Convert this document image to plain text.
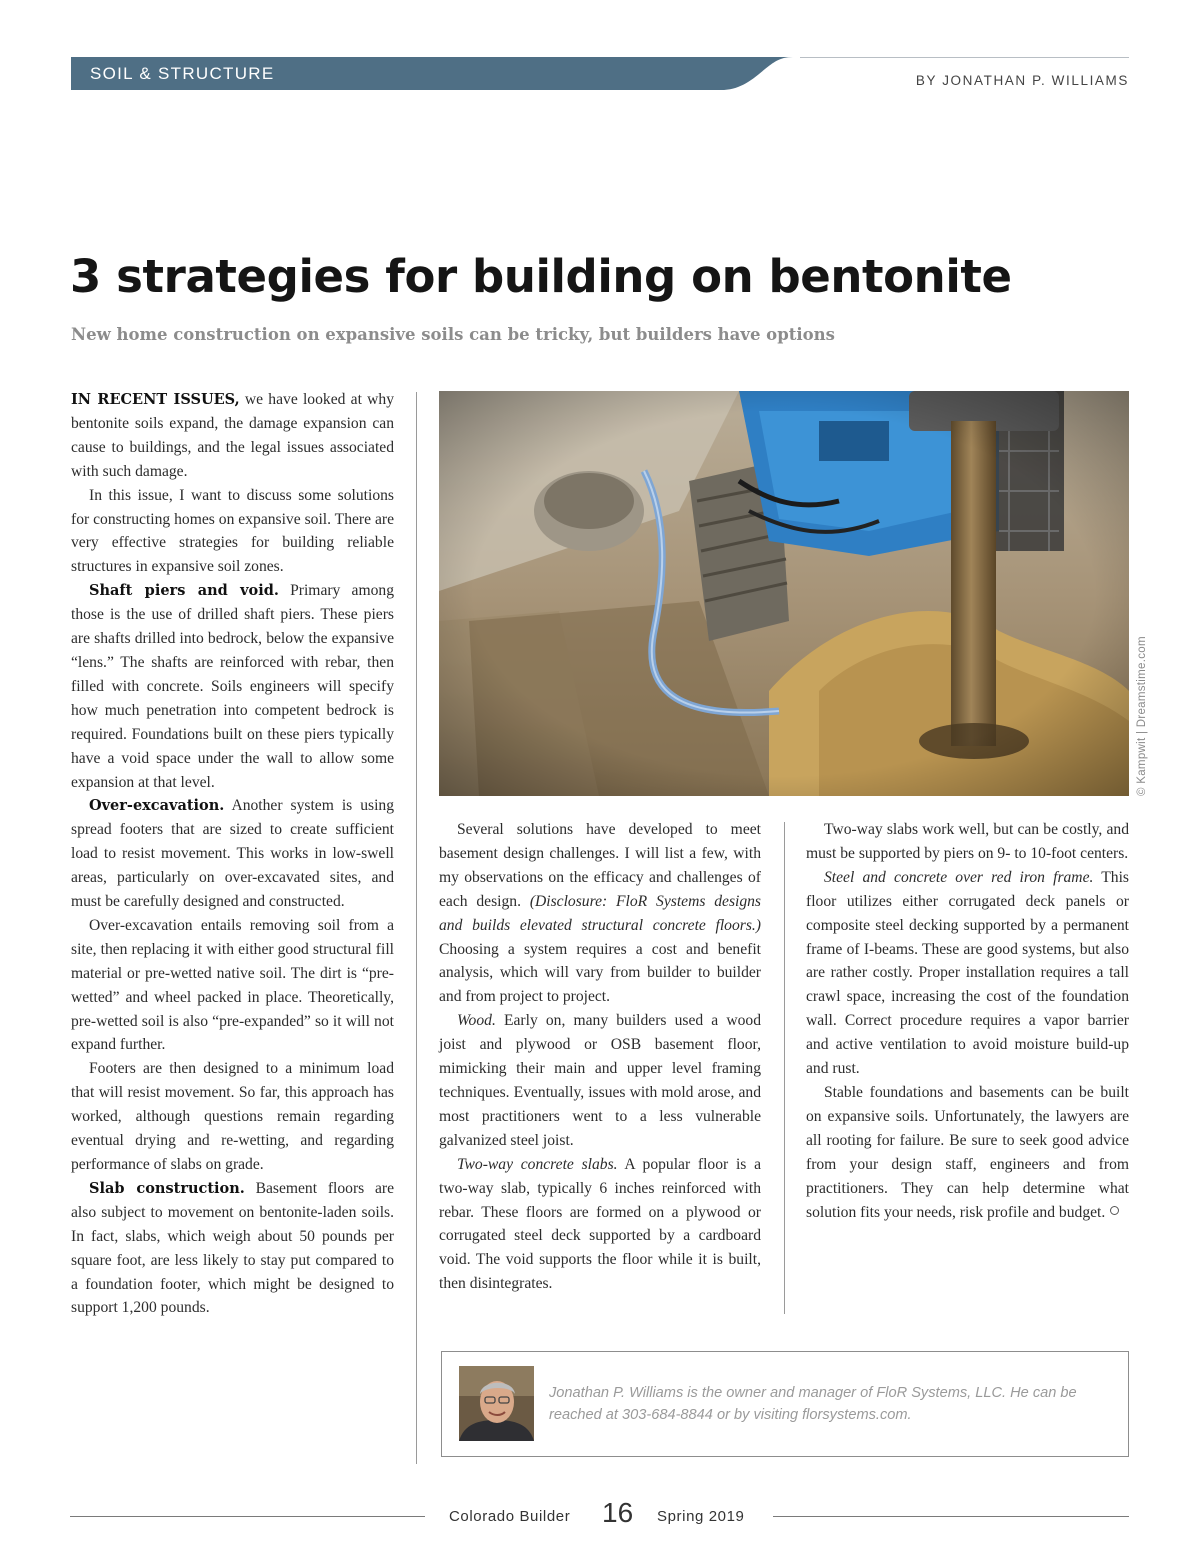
SOIL & STRUCTURE	BY JONATHAN P. WILLIAMS
3 strategies for building on bentonite
New home construction on expansive soils can be tricky, but builders have options

IN RECENT ISSUES, we have looked at why bentonite soils expand, the damage expansion can cause to buildings, and the legal issues associated with such damage.

In this issue, I want to discuss some solutions for constructing homes on expansive soil. There are very effective strategies for building reliable structures in expansive soil zones.

Shaft piers and void. Primary among those is the use of drilled shaft piers. These piers are shafts drilled into bedrock, below the expansive “lens.” The shafts are reinforced with rebar, then filled with concrete. Soils engineers will specify how much penetration into competent bedrock is required. Foundations built on these piers typically have a void space under the wall to allow some expansion at that level.

Over-excavation. Another system is using spread footers that are sized to create sufficient load to resist movement. This works in low-swell areas, particularly on over-excavated sites, and must be carefully designed and constructed.

Over-excavation entails removing soil from a site, then replacing it with either good structural fill material or pre-wetted native soil. The dirt is “pre-wetted” and wheel packed in place. Theoretically, pre-wetted soil is also “pre-expanded” so it will not expand further.

Footers are then designed to a minimum load that will resist movement. So far, this approach has worked, although questions remain regarding eventual drying and re-wetting, and regarding performance of slabs on grade.

Slab construction. Basement floors are also subject to movement on bentonite-laden soils. In fact, slabs, which weigh about 50 pounds per square foot, are less likely to stay put compared to a foundation footer, which might be designed to support 1,200 pounds.

© Kampwit | Dreamstime.com

Several solutions have developed to meet basement design challenges. I will list a few, with my observations on the efficacy and challenges of each design. (Disclosure: FloR Systems designs and builds elevated structural concrete floors.) Choosing a system requires a cost and benefit analysis, which will vary from builder to builder and from project to project.

Wood. Early on, many builders used a wood joist and plywood or OSB basement floor, mimicking their main and upper level framing techniques. Eventually, issues with mold arose, and most practitioners went to a less vulnerable galvanized steel joist.

Two-way concrete slabs. A popular floor is a two-way slab, typically 6 inches reinforced with rebar. These floors are formed on a plywood or corrugated steel deck supported by a cardboard void. The void supports the floor while it is built, then disintegrates.

Two-way slabs work well, but can be costly, and must be supported by piers on 9- to 10-foot centers.

Steel and concrete over red iron frame. This floor utilizes either corrugated deck panels or composite steel decking supported by a permanent frame of I-beams. These are good systems, but also are rather costly. Proper installation requires a tall crawl space, increasing the cost of the foundation wall. Correct procedure requires a vapor barrier and active ventilation to avoid moisture build-up and rust.

Stable foundations and basements can be built on expansive soils. Unfortunately, the lawyers are all rooting for failure. Be sure to seek good advice from your design staff, engineers and from practitioners. They can help determine what solution fits your needs, risk profile and budget.

Jonathan P. Williams is the owner and manager of FloR Systems, LLC. He can be reached at 303-684-8844 or by visiting florsystems.com.
Colorado Builder 16 Spring 2019
